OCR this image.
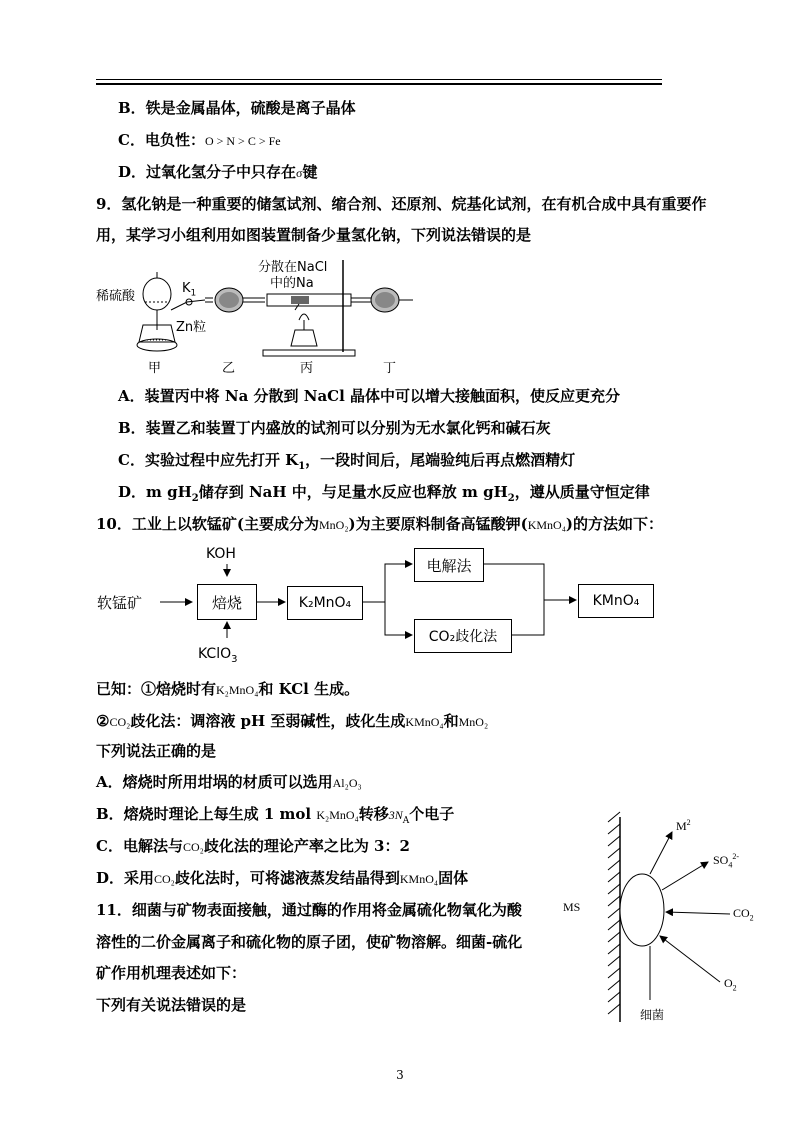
B．铁是金属晶体，硫酸是离子晶体
C．电负性：O > N > C > Fe
D．过氧化氢分子中只存在σ键
9．氢化钠是一种重要的储氢试剂、缩合剂、还原剂、烷基化试剂，在有机合成中具有重要作
用，某学习小组利用如图装置制备少量氢化钠，下列说法错误的是
稀硫酸
$K_1$
Zn粒
分散在NaCl
中的Na
甲	乙	丙	丁
A．装置丙中将 Na 分散到 NaCl 晶体中可以增大接触面积，使反应更充分
B．装置乙和装置丁内盛放的试剂可以分别为无水氯化钙和碱石灰
C．实验过程中应先打开 $K_1$，一段时间后，尾端验纯后再点燃酒精灯
D．m $gH_2$储存到 NaH 中，与足量水反应也释放 m $gH_2$，遵从质量守恒定律
10．工业上以软锰矿(主要成分为MnO₂)为主要原料制备高锰酸钾(KMnO₄)的方法如下：
KOH
软锰矿	焙烧
KClO$_3$
K₂MnO₄
电解法
CO₂歧化法
KMnO₄
已知：①焙烧时有K₂MnO₄和 KCl 生成。
②CO₂歧化法：调溶液 pH 至弱碱性，歧化生成KMnO₄和MnO₂
下列说法正确的是
A．熔烧时所用坩埚的材质可以选用Al₂O₃
B．熔烧时理论上每生成 1 mol K₂MnO₄转移$3N_A$个电子
C．电解法与CO₂歧化法的理论产率之比为 3：2
D．采用CO₂歧化法时，可将滤液蒸发结晶得到KMnO₄固体
11．细菌与矿物表面接触，通过酶的作用将金属硫化物氧化为酸
溶性的二价金属离子和硫化物的原子团，使矿物溶解。细菌-硫化
矿作用机理表述如下：
下列有关说法错误的是
$M^2$
$SO_4^{2-}$
MS	$CO_2$
$O_2$
细菌
3
